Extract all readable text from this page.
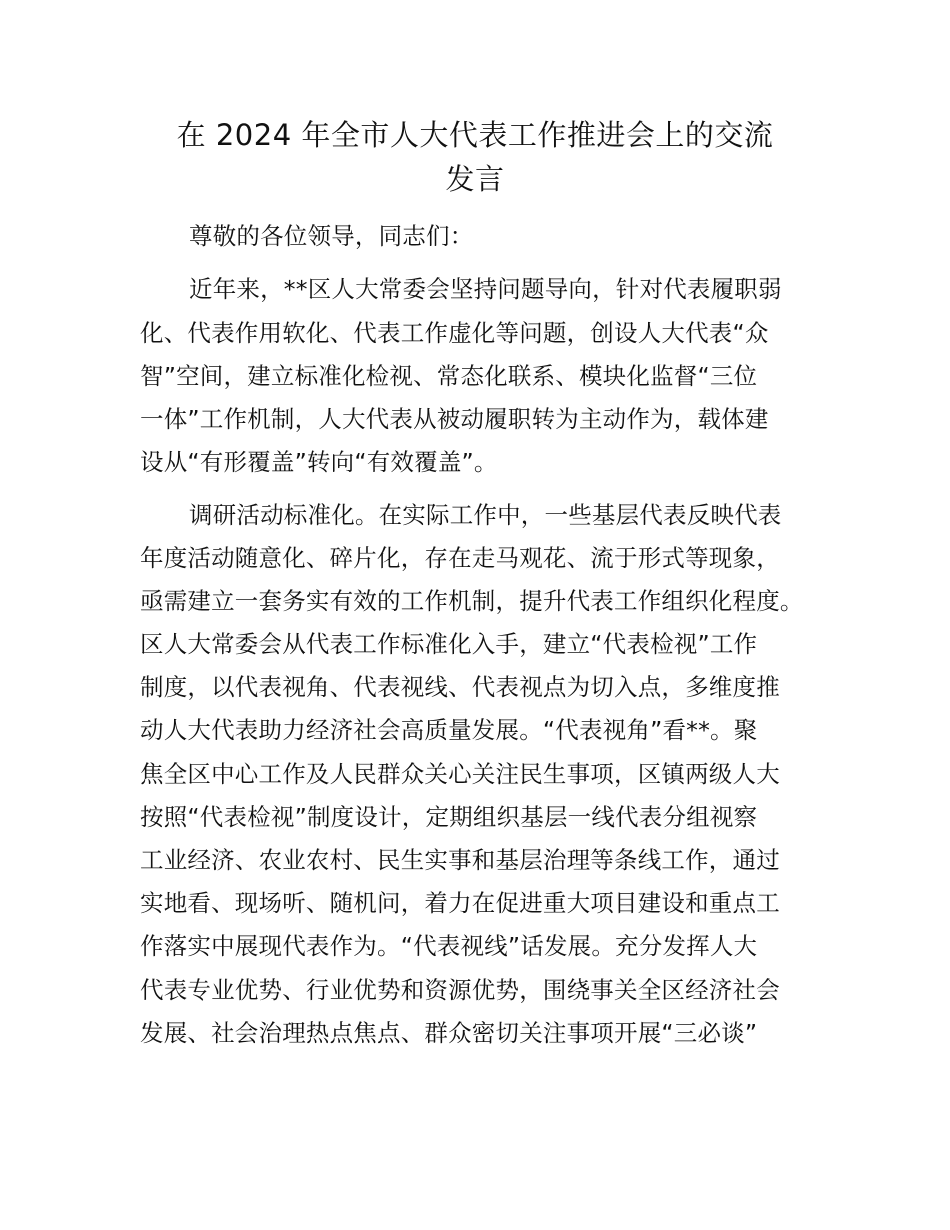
在 2024 年全市人大代表工作推进会上的交流
发言
尊敬的各位领导，同志们：
近年来，**区人大常委会坚持问题导向，针对代表履职弱
化、代表作用软化、代表工作虚化等问题，创设人大代表“众
智”空间，建立标准化检视、常态化联系、模块化监督“三位
一体”工作机制，人大代表从被动履职转为主动作为，载体建
设从“有形覆盖”转向“有效覆盖”。
调研活动标准化。在实际工作中，一些基层代表反映代表
年度活动随意化、碎片化，存在走马观花、流于形式等现象，
亟需建立一套务实有效的工作机制，提升代表工作组织化程度。
区人大常委会从代表工作标准化入手，建立“代表检视”工作
制度，以代表视角、代表视线、代表视点为切入点，多维度推
动人大代表助力经济社会高质量发展。“代表视角”看**。聚
焦全区中心工作及人民群众关心关注民生事项，区镇两级人大
按照“代表检视”制度设计，定期组织基层一线代表分组视察
工业经济、农业农村、民生实事和基层治理等条线工作，通过
实地看、现场听、随机问，着力在促进重大项目建设和重点工
作落实中展现代表作为。“代表视线”话发展。充分发挥人大
代表专业优势、行业优势和资源优势，围绕事关全区经济社会
发展、社会治理热点焦点、群众密切关注事项开展“三必谈”
